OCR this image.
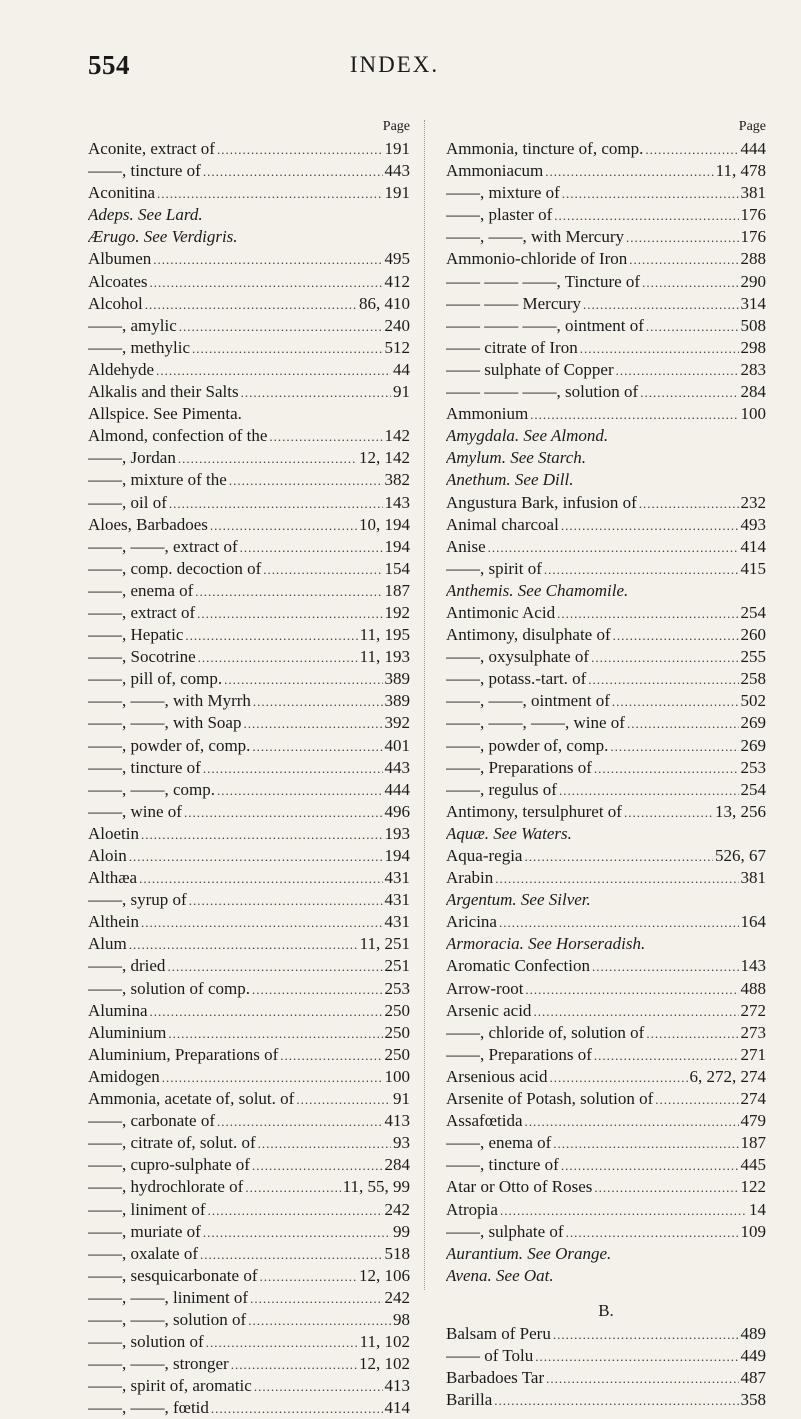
554	INDEX.
Page
Aconite, extract of .....	191
——, tincture of .....	443
Aconitina .....	191
Adeps. See Lard.
Ærugo. See Verdigris.
Albumen .....	495
Alcoates .....	412
Alcohol .....	86, 410
——, amylic .....	240
——, methylic .....	512
Aldehyde .....	44
Alkalis and their Salts .....	91
Allspice. See Pimenta.
Almond, confection of the .....	142
——, Jordan .....	12, 142
——, mixture of the .....	382
——, oil of .....	143
Aloes, Barbadoes .....	10, 194
——, ——, extract of .....	194
——, comp. decoction of .....	154
——, enema of .....	187
——, extract of .....	192
——, Hepatic .....	11, 195
——, Socotrine .....	11, 193
——, pill of, comp. .....	389
——, ——, with Myrrh .....	389
——, ——, with Soap .....	392
——, powder of, comp. .....	401
——, tincture of .....	443
——, ——, comp. .....	444
——, wine of .....	496
Aloetin .....	193
Aloin .....	194
Althæa .....	431
——, syrup of .....	431
Althein .....	431
Alum .....	11, 251
——, dried .....	251
——, solution of comp. .....	253
Alumina .....	250
Aluminium .....	250
Aluminium, Preparations of .....	250
Amidogen .....	100
Ammonia, acetate of, solut. of .....	91
——, carbonate of .....	413
——, citrate of, solut. of .....	93
——, cupro-sulphate of .....	284
——, hydrochlorate of .....	11, 55, 99
——, liniment of .....	242
——, muriate of .....	99
——, oxalate of .....	518
——, sesquicarbonate of .....	12, 106
——, ——, liniment of .....	242
——, ——, solution of .....	98
——, solution of .....	11, 102
——, ——, stronger .....	12, 102
——, spirit of, aromatic .....	413
——, ——, fœtid .....	414
Page
Ammonia, tincture of, comp. .....	444
Ammoniacum .....	11, 478
——, mixture of .....	381
——, plaster of .....	176
——, ——, with Mercury .....	176
Ammonio-chloride of Iron .....	288
—— —— ——, Tincture of .....	290
—— —— Mercury .....	314
—— —— ——, ointment of .....	508
—— citrate of Iron .....	298
—— sulphate of Copper .....	283
—— —— ——, solution of .....	284
Ammonium .....	100
Amygdala. See Almond.
Amylum. See Starch.
Anethum. See Dill.
Angustura Bark, infusion of .....	232
Animal charcoal .....	493
Anise .....	414
——, spirit of .....	415
Anthemis. See Chamomile.
Antimonic Acid .....	254
Antimony, disulphate of .....	260
——, oxysulphate of .....	255
——, potass.-tart. of .....	258
——, ——, ointment of .....	502
——, ——, ——, wine of .....	269
——, powder of, comp. .....	269
——, Preparations of .....	253
——, regulus of .....	254
Antimony, tersulphuret of .....	13, 256
Aquæ. See Waters.
Aqua-regia .....	526, 67
Arabin .....	381
Argentum. See Silver.
Aricina .....	164
Armoracia. See Horseradish.
Aromatic Confection .....	143
Arrow-root .....	488
Arsenic acid .....	272
——, chloride of, solution of .....	273
——, Preparations of .....	271
Arsenious acid .....	6, 272, 274
Arsenite of Potash, solution of .....	274
Assafœtida .....	479
——, enema of .....	187
——, tincture of .....	445
Atar or Otto of Roses .....	122
Atropia .....	14
——, sulphate of .....	109
Aurantium. See Orange.
Avena. See Oat.
B.
Balsam of Peru .....	489
—— of Tolu .....	449
Barbadoes Tar .....	487
Barilla .....	358
